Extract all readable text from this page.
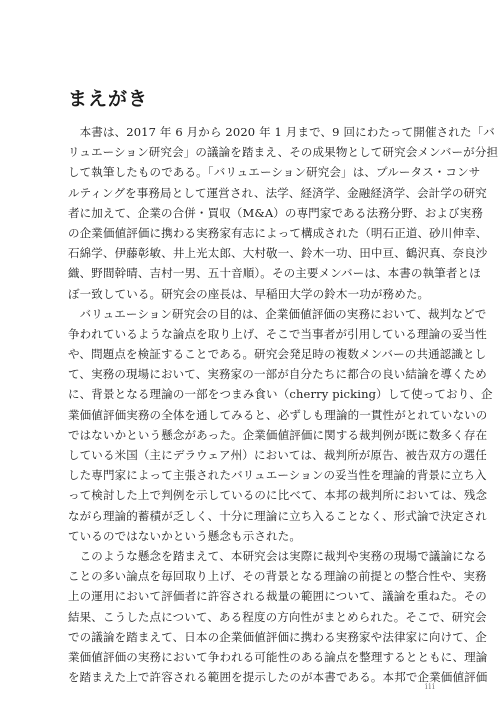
まえがき
　本書は、2017 年 6 月から 2020 年 1 月まで、9 回にわたって開催された「バ
リュエーション研究会」の議論を踏まえ、その成果物として研究会メンバーが分担
して執筆したものである。「バリュエーション研究会」は、プルータス・コンサ
ルティングを事務局として運営され、法学、経済学、金融経済学、会計学の研究
者に加えて、企業の合併・買収（M&A）の専門家である法務分野、および実務
の企業価値評価に携わる実務家有志によって構成された（明石正道、砂川伸幸、
石綿学、伊藤彰敏、井上光太郎、大村敬一、鈴木一功、田中亘、鶴沢真、奈良沙
織、野間幹晴、吉村一男、五十音順）。その主要メンバーは、本書の執筆者とほ
ぼ一致している。研究会の座長は、早稲田大学の鈴木一功が務めた。
　バリュエーション研究会の目的は、企業価値評価の実務において、裁判などで
争われているような論点を取り上げ、そこで当事者が引用している理論の妥当性
や、問題点を検証することである。研究会発足時の複数メンバーの共通認識とし
て、実務の現場において、実務家の一部が自分たちに都合の良い結論を導くため
に、背景となる理論の一部をつまみ食い（cherry picking）して使っており、企
業価値評価実務の全体を通してみると、必ずしも理論的一貫性がとれていないの
ではないかという懸念があった。企業価値評価に関する裁判例が既に数多く存在
している米国（主にデラウェア州）においては、裁判所が原告、被告双方の選任
した専門家によって主張されたバリュエーションの妥当性を理論的背景に立ち入
って検討した上で判例を示しているのに比べて、本邦の裁判所においては、残念
ながら理論的蓄積が乏しく、十分に理論に立ち入ることなく、形式論で決定され
ているのではないかという懸念も示された。
　このような懸念を踏まえて、本研究会は実際に裁判や実務の現場で議論になる
ことの多い論点を毎回取り上げ、その背景となる理論の前提との整合性や、実務
上の運用において評価者に許容される裁量の範囲について、議論を重ねた。その
結果、こうした点について、ある程度の方向性がまとめられた。そこで、研究会
での議論を踏まえて、日本の企業価値評価に携わる実務家や法律家に向けて、企
業価値評価の実務において争われる可能性のある論点を整理するとともに、理論
を踏まえた上で許容される範囲を提示したのが本書である。本邦で企業価値評価
iii
